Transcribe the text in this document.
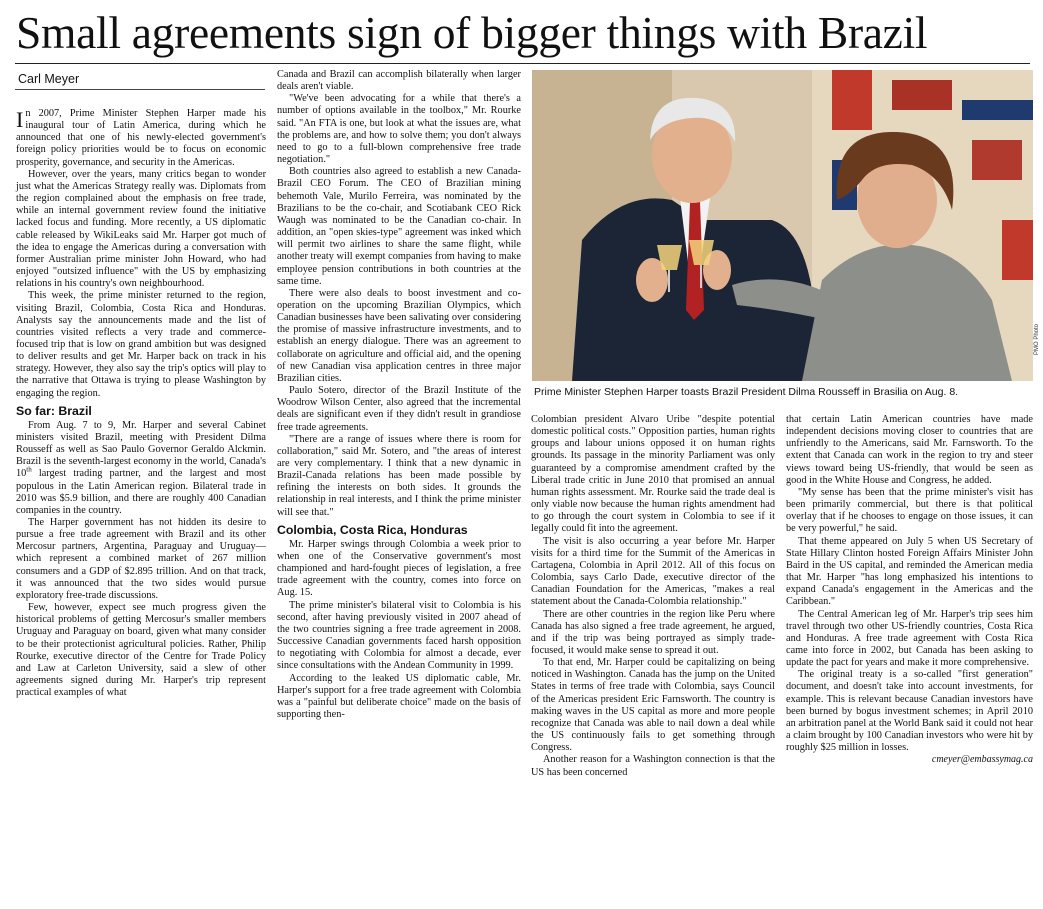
Small agreements sign of bigger things with Brazil
Carl Meyer

In 2007, Prime Minister Stephen Harper made his inaugural tour of Latin America, during which he announced that one of his newly-elected government's foreign policy priorities would be to focus on economic prosperity, governance, and security in the Americas.

However, over the years, many critics began to wonder just what the Americas Strategy really was. Diplomats from the region complained about the emphasis on free trade, while an internal government review found the initiative lacked focus and funding. More recently, a US diplomatic cable released by WikiLeaks said Mr. Harper got much of the idea to engage the Americas during a conversation with former Australian prime minister John Howard, who had enjoyed "outsized influence" with the US by emphasizing relations in his country's own neighbourhood.

This week, the prime minister returned to the region, visiting Brazil, Colombia, Costa Rica and Honduras. Analysts say the announcements made and the list of countries visited reflects a very trade and commerce-focused trip that is low on grand ambition but was designed to deliver results and get Mr. Harper back on track in his strategy. However, they also say the trip's optics will play to the narrative that Ottawa is trying to please Washington by engaging the region.

So far: Brazil

From Aug. 7 to 9, Mr. Harper and several Cabinet ministers visited Brazil, meeting with President Dilma Rousseff as well as Sao Paulo Governor Geraldo Alckmin. Brazil is the seventh-largest economy in the world, Canada's 10th largest trading partner, and the largest and most populous in the Latin American region. Bilateral trade in 2010 was $5.9 billion, and there are roughly 400 Canadian companies in the country.

The Harper government has not hidden its desire to pursue a free trade agreement with Brazil and its other Mercosur partners, Argentina, Paraguay and Uruguay—which represent a combined market of 267 million consumers and a GDP of $2.895 trillion. And on that track, it was announced that the two sides would pursue exploratory free-trade discussions.

Few, however, expect see much progress given the historical problems of getting Mercosur's smaller members Uruguay and Paraguay on board, given what many consider to be their protectionist agricultural policies. Rather, Philip Rourke, executive director of the Centre for Trade Policy and Law at Carleton University, said a slew of other agreements signed during Mr. Harper's trip represent practical examples of what

Canada and Brazil can accomplish bilaterally when larger deals aren't viable.

"We've been advocating for a while that there's a number of options available in the toolbox," Mr. Rourke said. "An FTA is one, but look at what the issues are, what the problems are, and how to solve them; you don't always need to go to a full-blown comprehensive free trade negotiation."

Both countries also agreed to establish a new Canada-Brazil CEO Forum. The CEO of Brazilian mining behemoth Vale, Murilo Ferreira, was nominated by the Brazilians to be the co-chair, and Scotiabank CEO Rick Waugh was nominated to be the Canadian co-chair. In addition, an "open skies-type" agreement was inked which will permit two airlines to share the same flight, while another treaty will exempt companies from having to make employee pension contributions in both countries at the same time.

There were also deals to boost investment and co-operation on the upcoming Brazilian Olympics, which Canadian businesses have been salivating over considering the promise of massive infrastructure investments, and to establish an energy dialogue. There was an agreement to collaborate on agriculture and official aid, and the opening of new Canadian visa application centres in three major Brazilian cities.

Paulo Sotero, director of the Brazil Institute of the Woodrow Wilson Center, also agreed that the incremental deals are significant even if they didn't result in grandiose free trade agreements.

"There are a range of issues where there is room for collaboration," said Mr. Sotero, and "the areas of interest are very complementary. I think that a new dynamic in Brazil-Canada relations has been made possible by refining the interests on both sides. It grounds the relationship in real interests, and I think the prime minister will see that."

Colombia, Costa Rica, Honduras

Mr. Harper swings through Colombia a week prior to when one of the Conservative government's most championed and hard-fought pieces of legislation, a free trade agreement with the country, comes into force on Aug. 15.

The prime minister's bilateral visit to Colombia is his second, after having previously visited in 2007 ahead of the two countries signing a free trade agreement in 2008. Successive Canadian governments faced harsh opposition to negotiating with Colombia for almost a decade, ever since consultations with the Andean Community in 1999.

According to the leaked US diplomatic cable, Mr. Harper's support for a free trade agreement with Colombia was a "painful but deliberate choice" made on the basis of supporting then-

PMO Photo
Prime Minister Stephen Harper toasts Brazil President Dilma Rousseff in Brasilia on Aug. 8.

Colombian president Alvaro Uribe "despite potential domestic political costs." Opposition parties, human rights groups and labour unions opposed it on human rights grounds. Its passage in the minority Parliament was only guaranteed by a compromise amendment crafted by the Liberal trade critic in June 2010 that promised an annual human rights assessment. Mr. Rourke said the trade deal is only viable now because the human rights amendment had to go through the court system in Colombia to see if it legally could fit into the agreement.

The visit is also occurring a year before Mr. Harper visits for a third time for the Summit of the Americas in Cartagena, Colombia in April 2012. All of this focus on Colombia, says Carlo Dade, executive director of the Canadian Foundation for the Americas, "makes a real statement about the Canada-Colombia relationship."

There are other countries in the region like Peru where Canada has also signed a free trade agreement, he argued, and if the trip was being portrayed as simply trade-focused, it would make sense to spread it out.

To that end, Mr. Harper could be capitalizing on being noticed in Washington. Canada has the jump on the United States in terms of free trade with Colombia, says Council of the Americas president Eric Farnsworth. The country is making waves in the US capital as more and more people recognize that Canada was able to nail down a deal while the US continuously fails to get something through Congress.

Another reason for a Washington connection is that the US has been concerned

that certain Latin American countries have made independent decisions moving closer to countries that are unfriendly to the Americans, said Mr. Farnsworth. To the extent that Canada can work in the region to try and steer views toward being US-friendly, that would be seen as good in the White House and Congress, he added.

"My sense has been that the prime minister's visit has been primarily commercial, but there is that political overlay that if he chooses to engage on those issues, it can be very powerful," he said.

That theme appeared on July 5 when US Secretary of State Hillary Clinton hosted Foreign Affairs Minister John Baird in the US capital, and reminded the American media that Mr. Harper "has long emphasized his intentions to expand Canada's engagement in the Americas and the Caribbean."

The Central American leg of Mr. Harper's trip sees him travel through two other US-friendly countries, Costa Rica and Honduras. A free trade agreement with Costa Rica came into force in 2002, but Canada has been asking to update the pact for years and make it more comprehensive.

The original treaty is a so-called "first generation" document, and doesn't take into account investments, for example. This is relevant because Canadian investors have been burned by bogus investment schemes; in April 2010 an arbitration panel at the World Bank said it could not hear a claim brought by 100 Canadian investors who were hit by roughly $25 million in losses.

cmeyer@embassymag.ca
